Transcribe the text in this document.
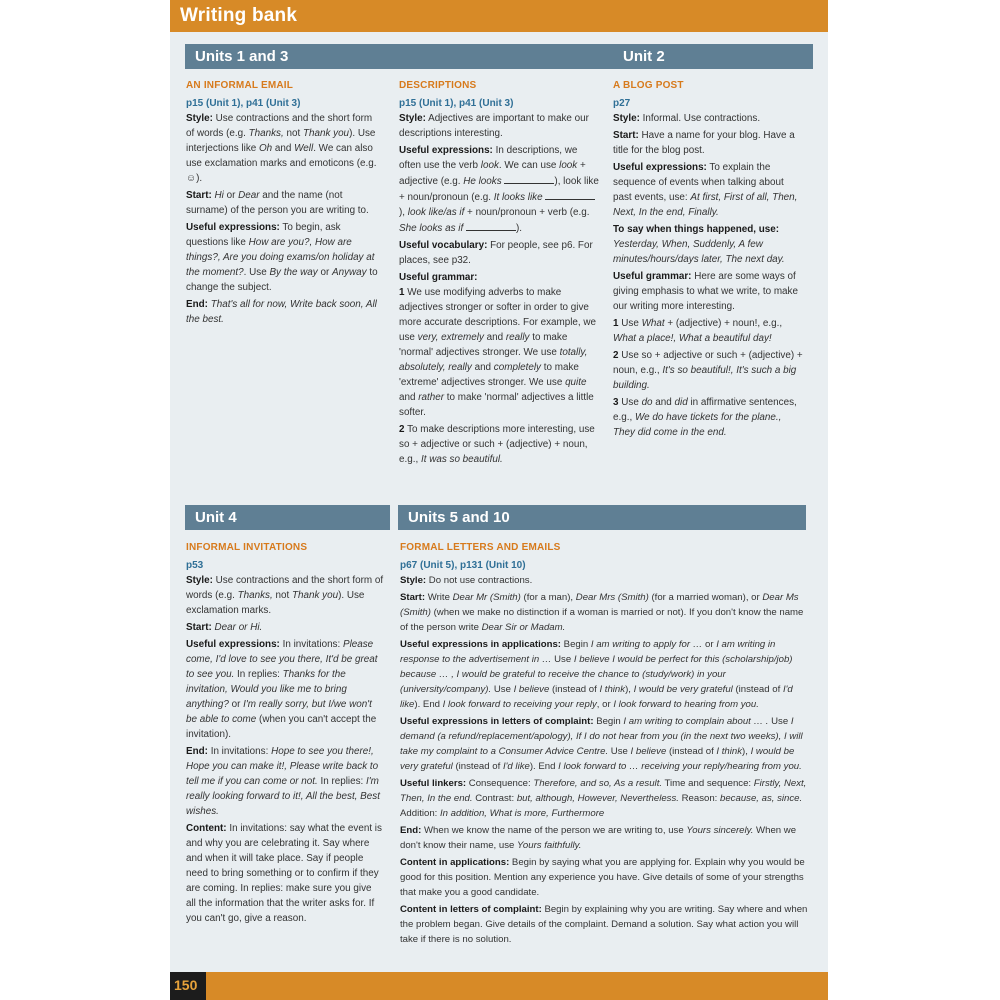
Writing bank
Units 1 and 3	Unit 2
Unit 4	Units 5 and 10
AN INFORMAL EMAIL
p15 (Unit 1), p41 (Unit 3)

Style: Use contractions and the short form of words (e.g. Thanks, not Thank you). Use interjections like Oh and Well. We can also use exclamation marks and emoticons (e.g. ☺).

Start: Hi or Dear and the name (not surname) of the person you are writing to.

Useful expressions: To begin, ask questions like How are you?, How are things?, Are you doing exams/on holiday at the moment?. Use By the way or Anyway to change the subject.

End: That's all for now, Write back soon, All the best.

DESCRIPTIONS
p15 (Unit 1), p41 (Unit 3)

Style: Adjectives are important to make our descriptions interesting.

Useful expressions: In descriptions, we often use the verb look. We can use look + adjective (e.g. He looks	), look like + noun/pronoun (e.g. It looks like ), look like/as if + noun/pronoun + verb (e.g. She looks as if	).

Useful vocabulary: For people, see p6. For places, see p32.

Useful grammar:
1 We use modifying adverbs to make adjectives stronger or softer in order to give more accurate descriptions. For example, we use very, extremely and really to make 'normal' adjectives stronger. We use totally, absolutely, really and completely to make 'extreme' adjectives stronger. We use quite and rather to make 'normal' adjectives a little softer.

2 To make descriptions more interesting, use so + adjective or such + (adjective) + noun, e.g., It was so beautiful.

A BLOG POST
p27

Style: Informal. Use contractions.

Start: Have a name for your blog. Have a title for the blog post.

Useful expressions: To explain the sequence of events when talking about past events, use: At first, First of all, Then, Next, In the end, Finally.

To say when things happened, use: Yesterday, When, Suddenly, A few minutes/hours/days later, The next day.

Useful grammar: Here are some ways of giving emphasis to what we write, to make our writing more interesting.

1 Use What + (adjective) + noun!, e.g., What a place!, What a beautiful day!

2 Use so + adjective or such + (adjective) + noun, e.g., It's so beautiful!, It's such a big building.

3 Use do and did in affirmative sentences, e.g., We do have tickets for the plane., They did come in the end.

INFORMAL INVITATIONS
p53

Style: Use contractions and the short form of words (e.g. Thanks, not Thank you). Use exclamation marks.

Start: Dear or Hi.

Useful expressions: In invitations: Please come, I'd love to see you there, It'd be great to see you. In replies: Thanks for the invitation, Would you like me to bring anything? or I'm really sorry, but I/we won't be able to come (when you can't accept the invitation).

End: In invitations: Hope to see you there!, Hope you can make it!, Please write back to tell me if you can come or not. In replies: I'm really looking forward to it!, All the best, Best wishes.

Content: In invitations: say what the event is and why you are celebrating it. Say where and when it will take place. Say if people need to bring something or to confirm if they are coming. In replies: make sure you give all the information that the writer asks for. If you can't go, give a reason.

FORMAL LETTERS AND EMAILS
p67 (Unit 5), p131 (Unit 10)

Style: Do not use contractions.

Start: Write Dear Mr (Smith) (for a man), Dear Mrs (Smith) (for a married woman), or Dear Ms (Smith) (when we make no distinction if a woman is married or not). If you don't know the name of the person write Dear Sir or Madam.

Useful expressions in applications: Begin I am writing to apply for … or I am writing in response to the advertisement in … Use I believe I would be perfect for this (scholarship/job) because … , I would be grateful to receive the chance to (study/work) in your (university/company). Use I believe (instead of I think), I would be very grateful (instead of I'd like). End I look forward to receiving your reply, or I look forward to hearing from you.

Useful expressions in letters of complaint: Begin I am writing to complain about … . Use I demand (a refund/replacement/apology), If I do not hear from you (in the next two weeks), I will take my complaint to a Consumer Advice Centre. Use I believe (instead of I think), I would be very grateful (instead of I'd like). End I look forward to … receiving your reply/hearing from you.

Useful linkers: Consequence: Therefore, and so, As a result. Time and sequence: Firstly, Next, Then, In the end. Contrast: but, although, However, Nevertheless. Reason: because, as, since. Addition: In addition, What is more, Furthermore

End: When we know the name of the person we are writing to, use Yours sincerely. When we don't know their name, use Yours faithfully.

Content in applications: Begin by saying what you are applying for. Explain why you would be good for this position. Mention any experience you have. Give details of some of your strengths that make you a good candidate.

Content in letters of complaint: Begin by explaining why you are writing. Say where and when the problem began. Give details of the complaint. Demand a solution. Say what action you will take if there is no solution.

150
